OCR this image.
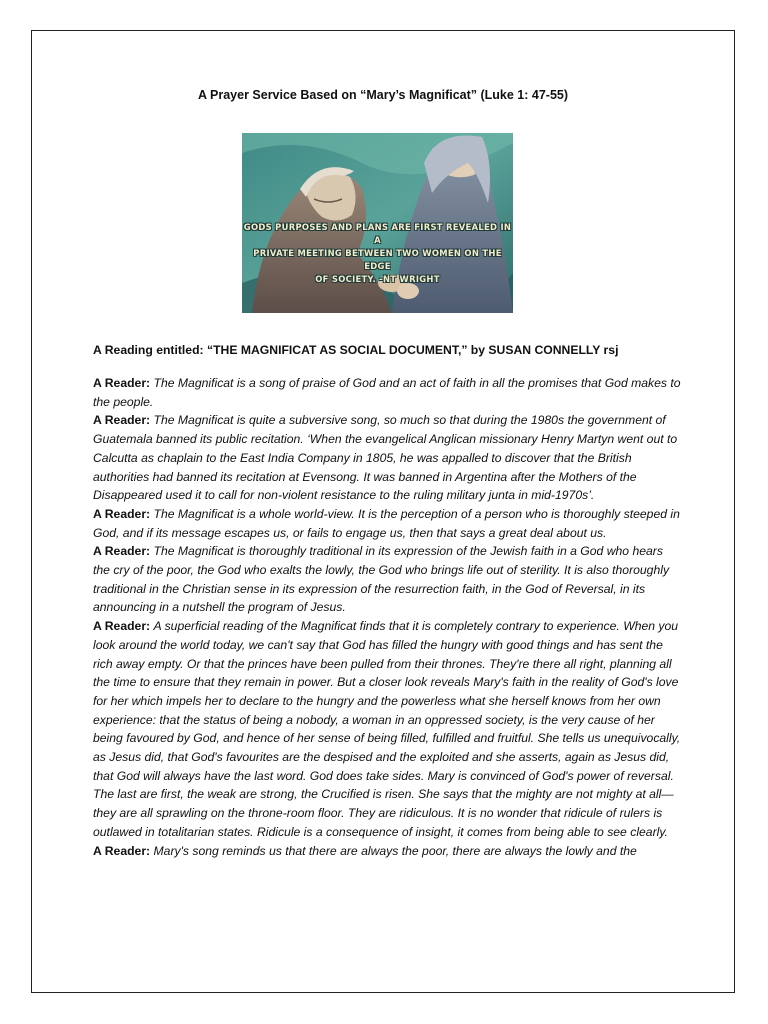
A Prayer Service Based on “Mary’s Magnificat” (Luke 1: 47-55)
GODS PURPOSES AND PLANS ARE FIRST REVEALED IN A
PRIVATE MEETING BETWEEN TWO WOMEN ON THE EDGE
OF SOCIETY. -NT WRIGHT
A Reading entitled: “THE MAGNIFICAT AS SOCIAL DOCUMENT,” by SUSAN CONNELLY rsj

A Reader: The Magnificat is a song of praise of God and an act of faith in all the promises that God makes to the people.

A Reader: The Magnificat is quite a subversive song, so much so that during the 1980s the government of Guatemala banned its public recitation. ‘When the evangelical Anglican missionary Henry Martyn went out to Calcutta as chaplain to the East India Company in 1805, he was appalled to discover that the British authorities had banned its recitation at Evensong. It was banned in Argentina after the Mothers of the Disappeared used it to call for non-violent resistance to the ruling military junta in mid-1970s’.

A Reader: The Magnificat is a whole world-view. It is the perception of a person who is thoroughly steeped in God, and if its message escapes us, or fails to engage us, then that says a great deal about us.

A Reader: The Magnificat is thoroughly traditional in its expression of the Jewish faith in a God who hears the cry of the poor, the God who exalts the lowly, the God who brings life out of sterility. It is also thoroughly traditional in the Christian sense in its expression of the resurrection faith, in the God of Reversal, in its announcing in a nutshell the program of Jesus.

A Reader: A superficial reading of the Magnificat finds that it is completely contrary to experience. When you look around the world today, we can't say that God has filled the hungry with good things and has sent the rich away empty. Or that the princes have been pulled from their thrones. They're there all right, planning all the time to ensure that they remain in power. But a closer look reveals Mary's faith in the reality of God's love for her which impels her to declare to the hungry and the powerless what she herself knows from her own experience: that the status of being a nobody, a woman in an oppressed society, is the very cause of her being favoured by God, and hence of her sense of being filled, fulfilled and fruitful. She tells us unequivocally, as Jesus did, that God's favourites are the despised and the exploited and she asserts, again as Jesus did, that God will always have the last word. God does take sides. Mary is convinced of God's power of reversal. The last are first, the weak are strong, the Crucified is risen. She says that the mighty are not mighty at all—they are all sprawling on the throne-room floor. They are ridiculous. It is no wonder that ridicule of rulers is outlawed in totalitarian states. Ridicule is a consequence of insight, it comes from being able to see clearly.

A Reader: Mary's song reminds us that there are always the poor, there are always the lowly and the
